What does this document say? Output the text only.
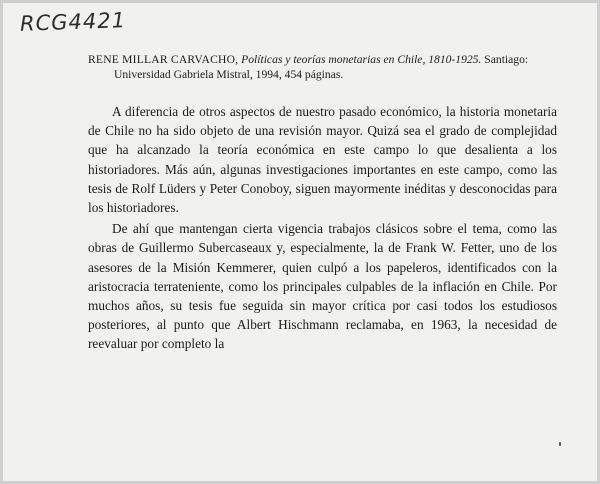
RCG4421
RENE MILLAR CARVACHO, Políticas y teorías monetarias en Chile, 1810-1925. Santiago:
Universidad Gabriela Mistral, 1994, 454 páginas.

A diferencia de otros aspectos de nuestro pasado económico, la historia monetaria de Chile no ha sido objeto de una revisión mayor. Quizá sea el grado de complejidad que ha alcanzado la teoría económica en este campo lo que desalienta a los historiadores. Más aún, algunas investigaciones importantes en este campo, como las tesis de Rolf Lüders y Peter Conoboy, siguen mayormente inéditas y desconocidas para los historiadores.

De ahí que mantengan cierta vigencia trabajos clásicos sobre el tema, como las obras de Guillermo Subercaseaux y, especialmente, la de Frank W. Fetter, uno de los asesores de la Misión Kemmerer, quien culpó a los papeleros, identificados con la aristocracia terrateniente, como los principales culpables de la inflación en Chile. Por muchos años, su tesis fue seguida sin mayor crítica por casi todos los estudiosos posteriores, al punto que Albert Hischmann reclamaba, en 1963, la necesidad de reevaluar por completo la
